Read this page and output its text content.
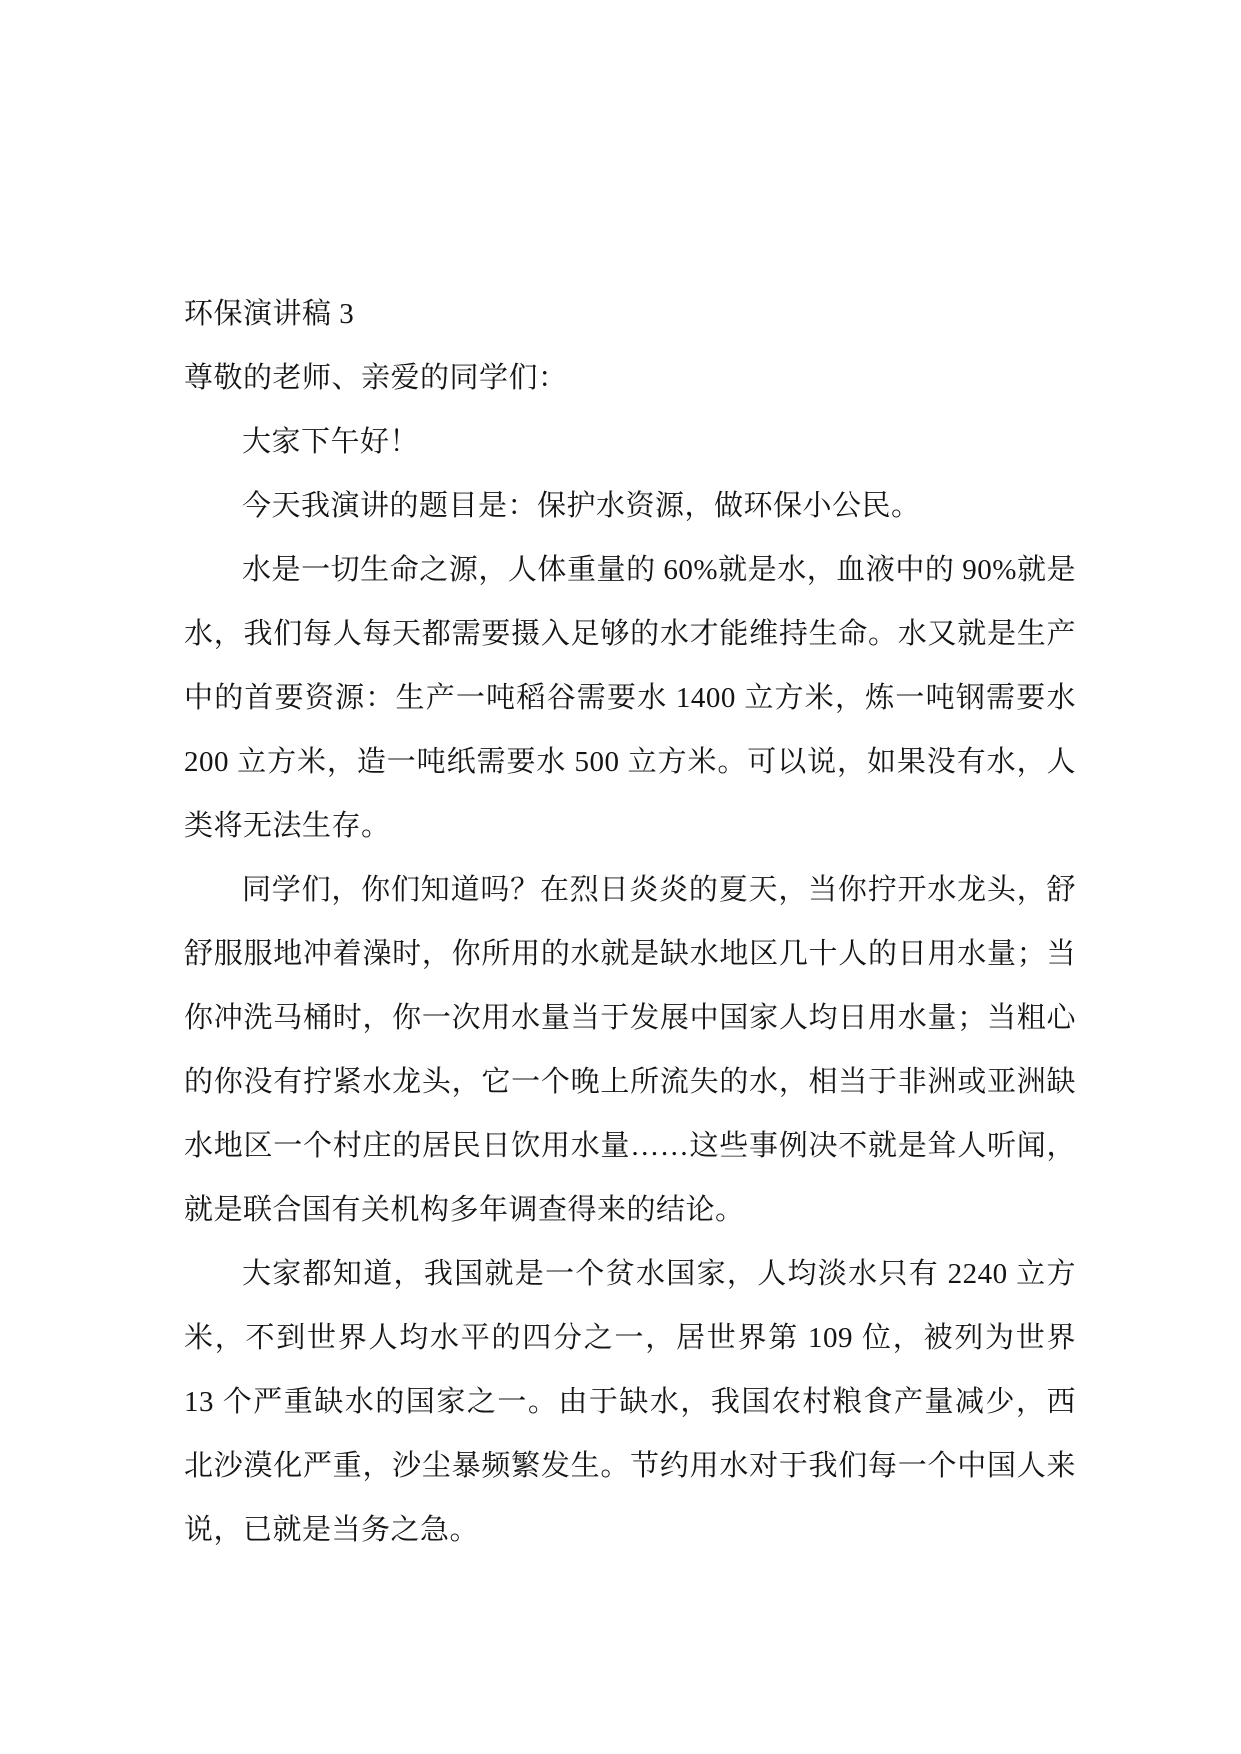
环保演讲稿 3

尊敬的老师、亲爱的同学们：

大家下午好！

今天我演讲的题目是：保护水资源，做环保小公民。

水是一切生命之源，人体重量的 60%就是水，血液中的 90%就是水，我们每人每天都需要摄入足够的水才能维持生命。水又就是生产中的首要资源：生产一吨稻谷需要水 1400 立方米，炼一吨钢需要水 200 立方米，造一吨纸需要水 500 立方米。可以说，如果没有水，人类将无法生存。

同学们，你们知道吗？在烈日炎炎的夏天，当你拧开水龙头，舒舒服服地冲着澡时，你所用的水就是缺水地区几十人的日用水量；当你冲洗马桶时，你一次用水量当于发展中国家人均日用水量；当粗心的你没有拧紧水龙头，它一个晚上所流失的水，相当于非洲或亚洲缺水地区一个村庄的居民日饮用水量……这些事例决不就是耸人听闻，就是联合国有关机构多年调查得来的结论。

大家都知道，我国就是一个贫水国家，人均淡水只有 2240 立方米，不到世界人均水平的四分之一，居世界第 109 位，被列为世界 13 个严重缺水的国家之一。由于缺水，我国农村粮食产量减少，西北沙漠化严重，沙尘暴频繁发生。节约用水对于我们每一个中国人来说，已就是当务之急。
